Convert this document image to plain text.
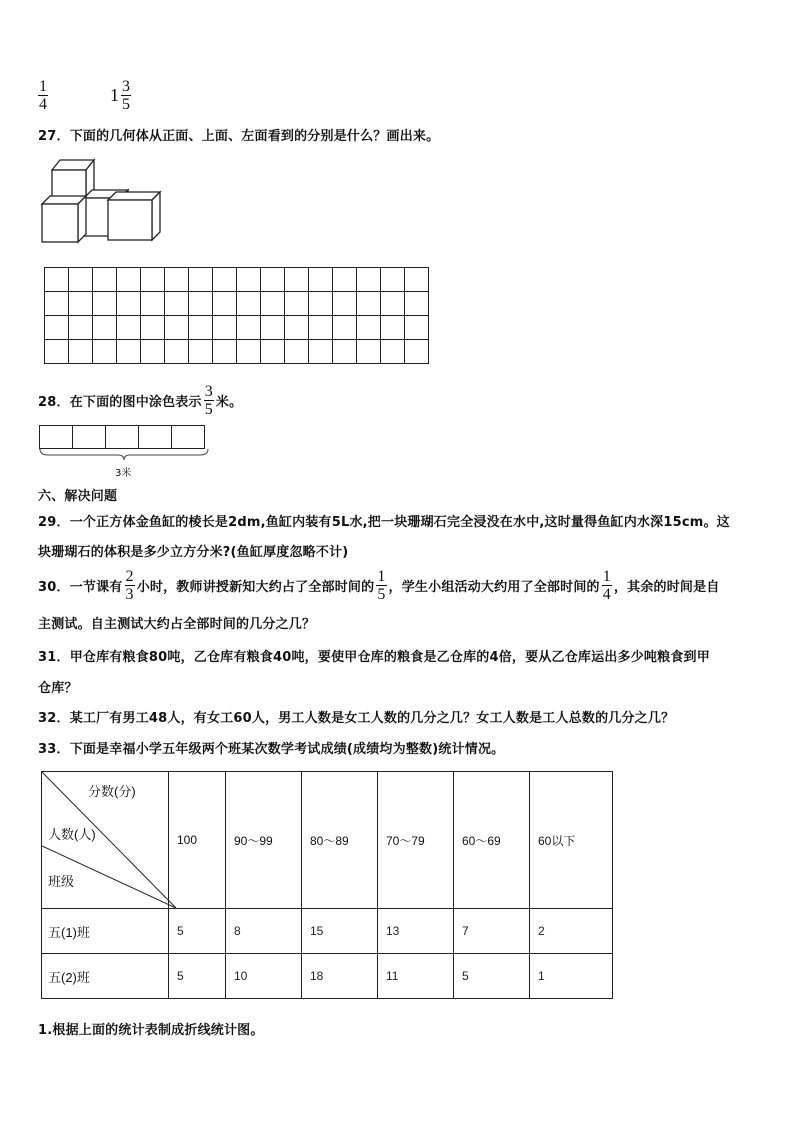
$\frac{1}{4}$	$1 \frac{3}{5}$
27．下面的几何体从正面、上面、左面看到的分别是什么？画出来。

28．在下面的图中涂色表示 $\frac{3}{5}$ 米。
3米
六、解决问题
29．一个正方体金鱼缸的棱长是2dm,鱼缸内装有5L水,把一块珊瑚石完全浸没在水中,这时量得鱼缸内水深15cm。这
块珊瑚石的体积是多少立方分米?(鱼缸厚度忽略不计)
30．一节课有 $\frac{2}{3}$ 小时，教师讲授新知大约占了全部时间的 $\frac{1}{5}$ ，学生小组活动大约用了全部时间的 $\frac{1}{4}$ ，其余的时间是自
主测试。自主测试大约占全部时间的几分之几？
31．甲仓库有粮食80吨，乙仓库有粮食40吨，要使甲仓库的粮食是乙仓库的4倍，要从乙仓库运出多少吨粮食到甲
仓库？
32．某工厂有男工48人，有女工60人，男工人数是女工人数的几分之几？女工人数是工人总数的几分之几？
33．下面是幸福小学五年级两个班某次数学考试成绩(成绩均为整数)统计情况。
分数(分)
人数(人)
班级	100	90～99	80～89	70～79	60～69	60以下
五(1)班	5	8	15	13	7	2
五(2)班	5	10	18	11	5	1
1.根据上面的统计表制成折线统计图。
